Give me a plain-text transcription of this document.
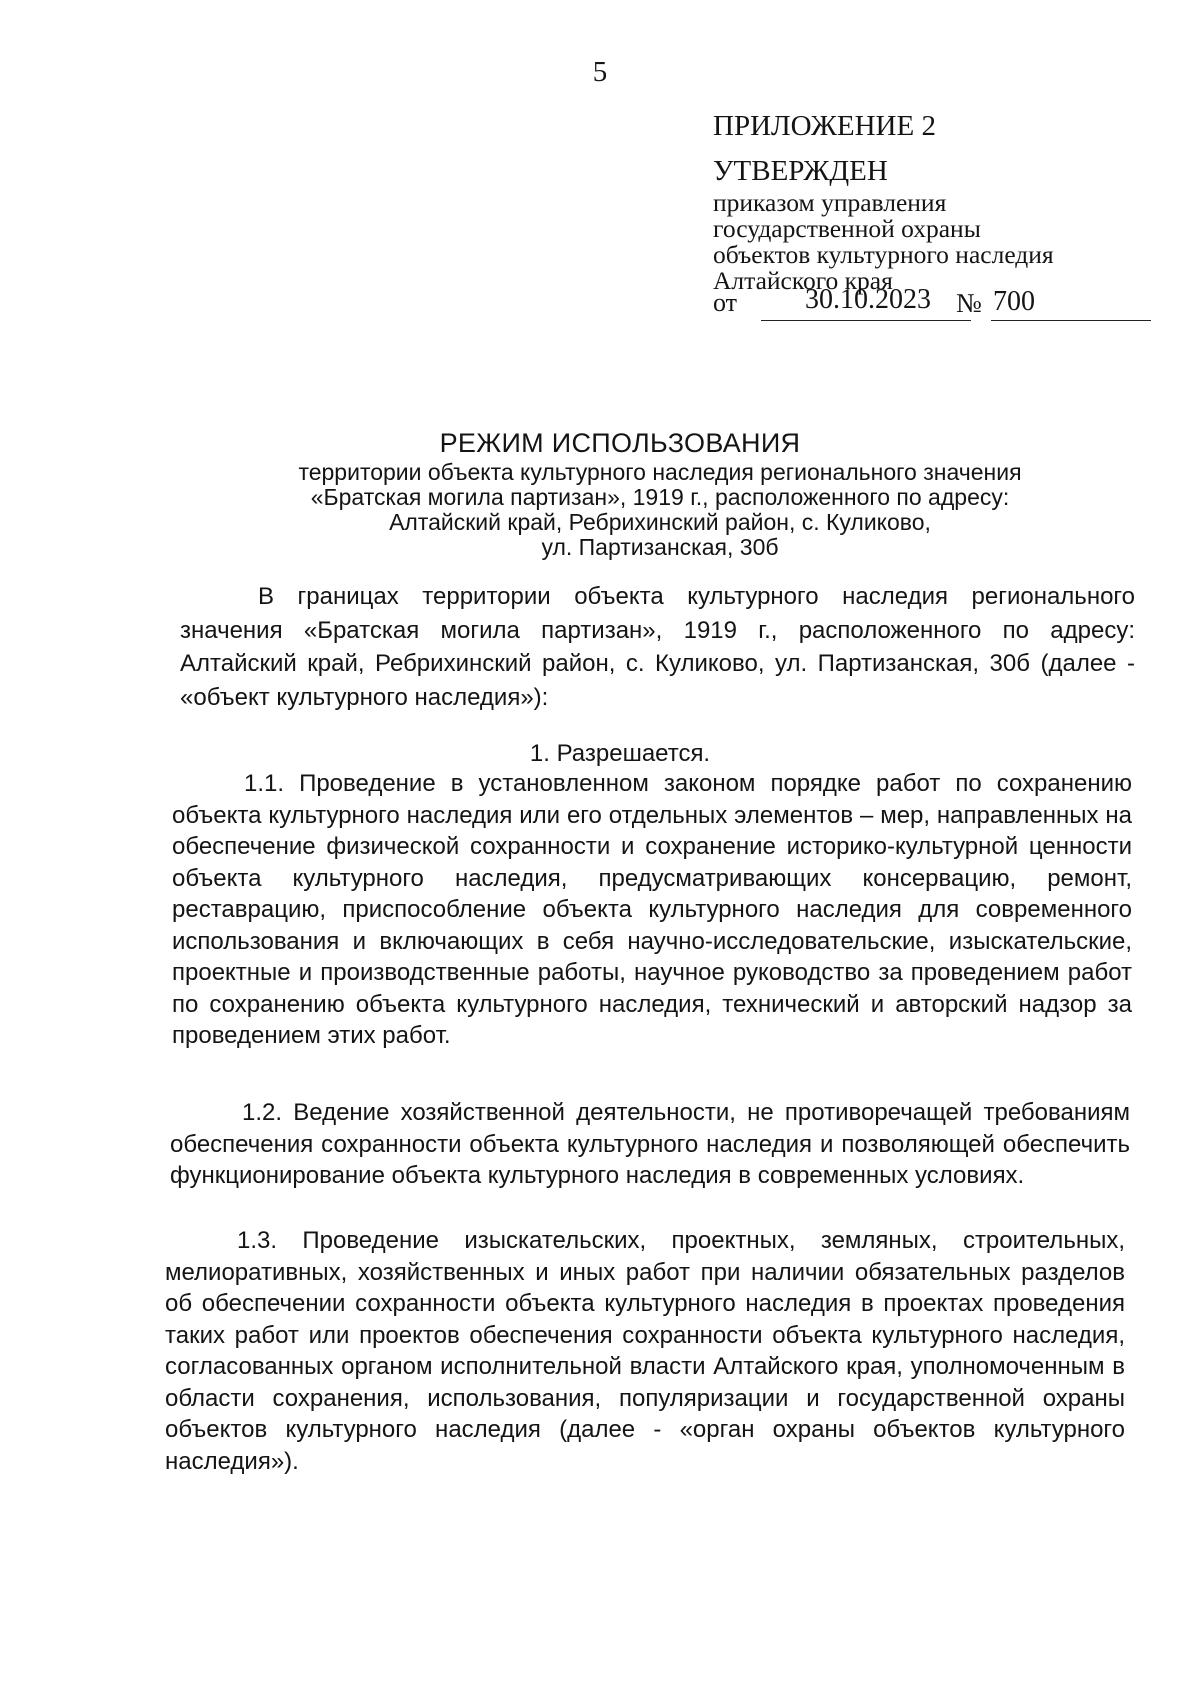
5
ПРИЛОЖЕНИЕ 2
УТВЕРЖДЕН
приказом управления
государственной охраны
объектов культурного наследия
Алтайского края
от	30.10.2023 № 700
РЕЖИМ ИСПОЛЬЗОВАНИЯ
территории объекта культурного наследия регионального значения
«Братская могила партизан», 1919 г., расположенного по адресу:
Алтайский край, Ребрихинский район, с. Куликово,
ул. Партизанская, 30б
В границах территории объекта культурного наследия регионального значения «Братская могила партизан», 1919 г., расположенного по адресу: Алтайский край, Ребрихинский район, с. Куликово, ул. Партизанская, 30б (далее - «объект культурного наследия»):
1. Разрешается.
1.1. Проведение в установленном законом порядке работ по сохранению объекта культурного наследия или его отдельных элементов – мер, направленных на обеспечение физической сохранности и сохранение историко-культурной ценности объекта культурного наследия, предусматривающих консервацию, ремонт, реставрацию, приспособление объекта культурного наследия для современного использования и включающих в себя научно-исследовательские, изыскательские, проектные и производственные работы, научное руководство за проведением работ по сохранению объекта культурного наследия, технический и авторский надзор за проведением этих работ.
1.2. Ведение хозяйственной деятельности, не противоречащей требованиям обеспечения сохранности объекта культурного наследия и позволяющей обеспечить функционирование объекта культурного наследия в современных условиях.
1.3. Проведение изыскательских, проектных, земляных, строительных, мелиоративных, хозяйственных и иных работ при наличии обязательных разделов об обеспечении сохранности объекта культурного наследия в проектах проведения таких работ или проектов обеспечения сохранности объекта культурного наследия, согласованных органом исполнительной власти Алтайского края, уполномоченным в области сохранения, использования, популяризации и государственной охраны объектов культурного наследия (далее - «орган охраны объектов культурного наследия»).
